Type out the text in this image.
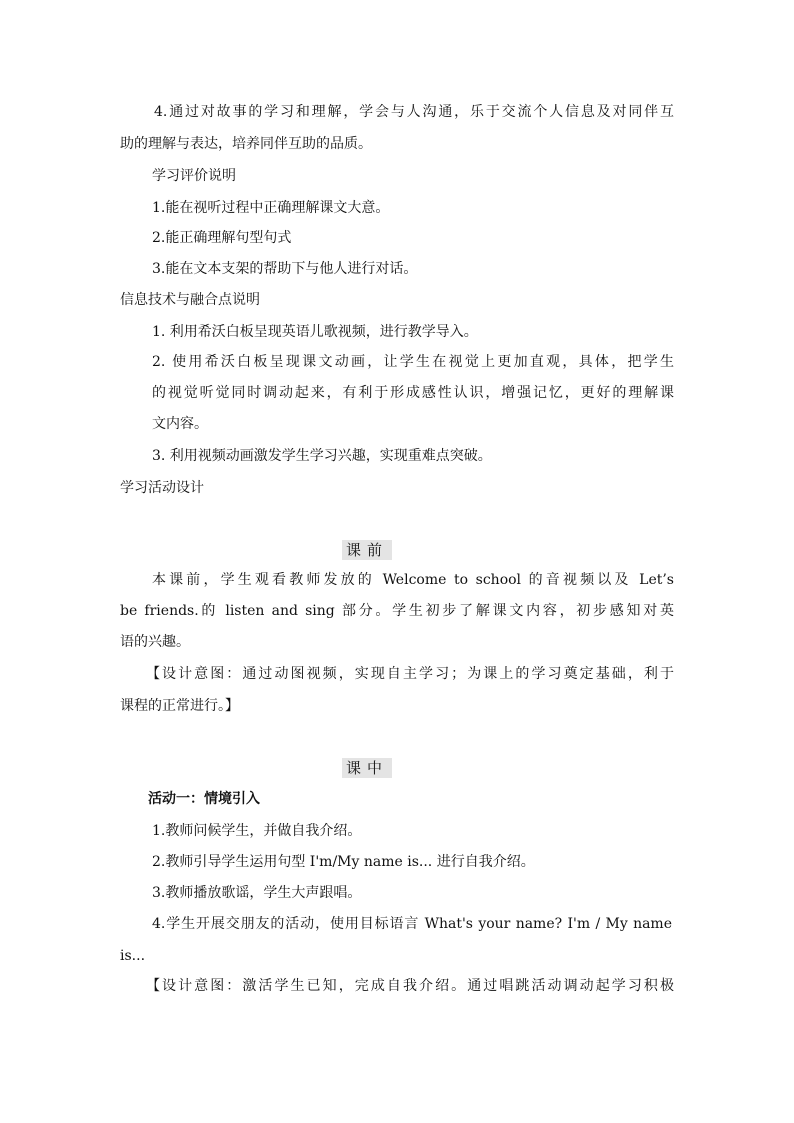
4.通过对故事的学习和理解，学会与人沟通，乐于交流个人信息及对同伴互
助的理解与表达，培养同伴互助的品质。
学习评价说明
1.能在视听过程中正确理解课文大意。
2.能正确理解句型句式
3.能在文本支架的帮助下与他人进行对话。
信息技术与融合点说明
1. 利用希沃白板呈现英语儿歌视频，进行教学导入。
2. 使用希沃白板呈现课文动画，让学生在视觉上更加直观，具体，把学生
的视觉听觉同时调动起来，有利于形成感性认识，增强记忆，更好的理解课
文内容。
3. 利用视频动画激发学生学习兴趣，实现重难点突破。
学习活动设计
课前
本课前，学生观看教师发放的 Welcome to school 的音视频以及 Let’s
be friends.的 listen and sing 部分。学生初步了解课文内容，初步感知对英
语的兴趣。
【设计意图：通过动图视频，实现自主学习；为课上的学习奠定基础，利于
课程的正常进行。】
课中
活动一：情境引入
1.教师问候学生，并做自我介绍。
2.教师引导学生运用句型 I'm/My name is... 进行自我介绍。
3.教师播放歌谣，学生大声跟唱。
4.学生开展交朋友的活动，使用目标语言 What's your name? I'm / My name
is...
【设计意图：激活学生已知，完成自我介绍。通过唱跳活动调动起学习积极
